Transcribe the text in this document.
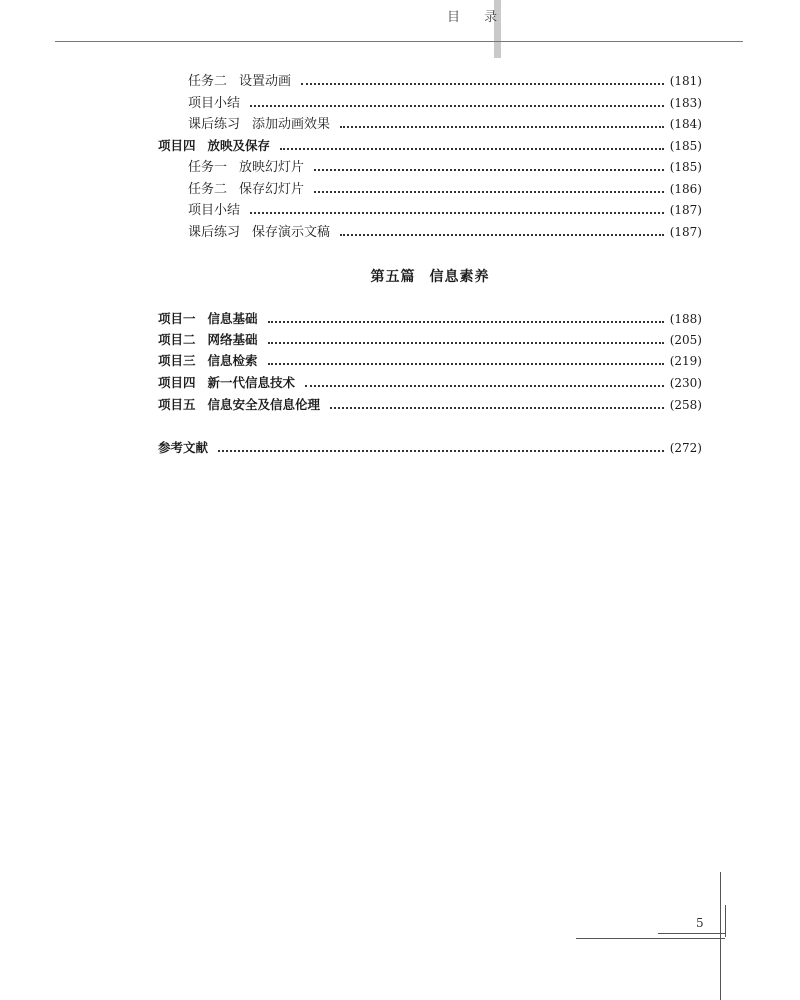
目 录
任务二 设置动画	(181)
项目小结	(183)
课后练习 添加动画效果	(184)
项目四 放映及保存	(185)
任务一 放映幻灯片	(185)
任务二 保存幻灯片	(186)
项目小结	(187)
课后练习 保存演示文稿	(187)
第五篇 信息素养
项目一 信息基础	(188)
项目二 网络基础	(205)
项目三 信息检索	(219)
项目四 新一代信息技术	(230)
项目五 信息安全及信息伦理	(258)
参考文献	(272)
5
